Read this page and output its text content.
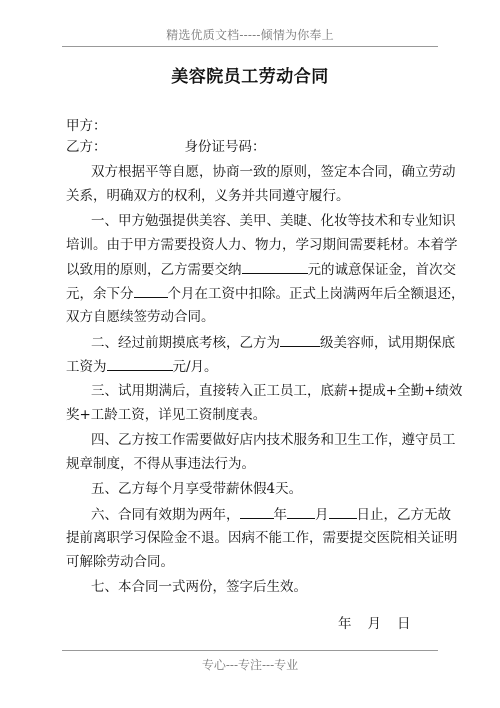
精选优质文档-----倾情为你奉上
美容院员工劳动合同
甲方：
乙方：	身份证号码：
双方根据平等自愿，协商一致的原则，签定本合同，确立劳动
关系，明确双方的权利，义务并共同遵守履行。
一、甲方勉强提供美容、美甲、美睫、化妆等技术和专业知识
培训。由于甲方需要投资人力、物力，学习期间需要耗材。本着学
以致用的原则，乙方需要交纳	元的诚意保证金，首次交
元，余下分	个月在工资中扣除。正式上岗满两年后全额退还，
双方自愿续签劳动合同。
二、经过前期摸底考核，乙方为	级美容师，试用期保底
工资为	元/月。
三、试用期满后，直接转入正工员工，底薪+提成+全勤+绩效
奖+工龄工资，详见工资制度表。
四、乙方按工作需要做好店内技术服务和卫生工作，遵守员工
规章制度，不得从事违法行为。
五、乙方每个月享受带薪休假4天。
六、合同有效期为两年，	年 月 日止，乙方无故
提前离职学习保险金不退。因病不能工作，需要提交医院相关证明
可解除劳动合同。
七、本合同一式两份，签字后生效。
年 月 日
专心---专注---专业
